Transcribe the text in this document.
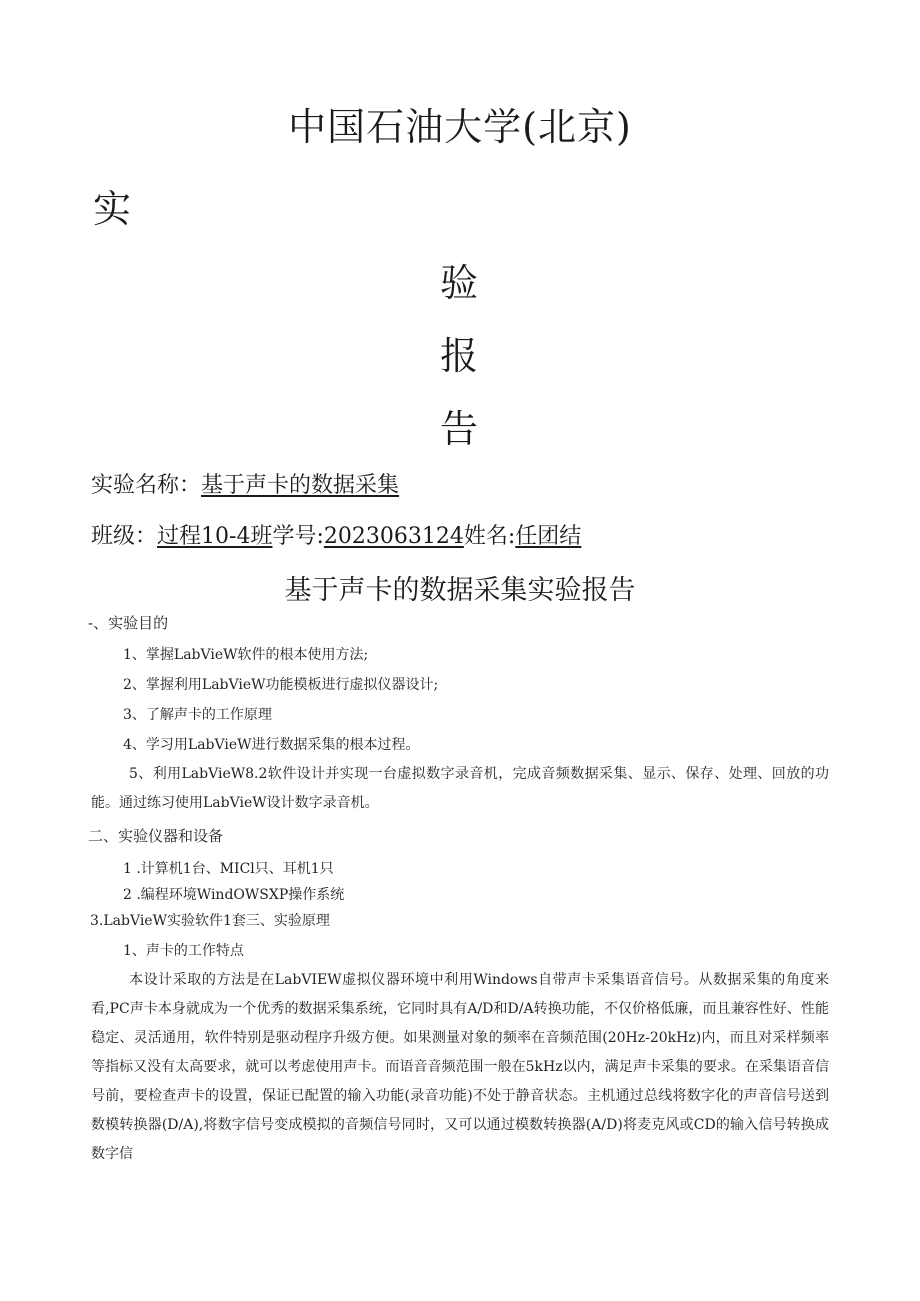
中国石油大学(北京)
实
验
报
告
实验名称：基于声卡的数据采集
班级：过程10-4班学号:2023063124姓名:任团结
基于声卡的数据采集实验报告
-、实验目的
1、掌握LabVieW软件的根本使用方法;
2、掌握利用LabVieW功能模板进行虚拟仪器设计;
3、了解声卡的工作原理
4、学习用LabVieW进行数据采集的根本过程。
5、利用LabVieW8.2软件设计并实现一台虚拟数字录音机，完成音频数据采集、显示、保存、处理、回放的功能。通过练习使用LabVieW设计数字录音机。
二、实验仪器和设备
1 .计算机1台、MICl只、耳机1只
2 .编程环境WindOWSXP操作系统
3.LabVieW实验软件1套三、实验原理
1、声卡的工作特点
本设计采取的方法是在LabVIEW虚拟仪器环境中利用Windows自带声卡采集语音信号。从数据采集的角度来看,PC声卡本身就成为一个优秀的数据采集系统，它同时具有A/D和D/A转换功能，不仅价格低廉，而且兼容性好、性能稳定、灵活通用，软件特别是驱动程序升级方便。如果测量对象的频率在音频范围(20Hz-20kHz)内，而且对采样频率等指标又没有太高要求，就可以考虑使用声卡。而语音音频范围一般在5kHz以内，满足声卡采集的要求。在采集语音信号前，要检查声卡的设置，保证已配置的输入功能(录音功能)不处于静音状态。主机通过总线将数字化的声音信号送到数模转换器(D/A),将数字信号变成模拟的音频信号同时，又可以通过模数转换器(A/D)将麦克风或CD的输入信号转换成数字信
